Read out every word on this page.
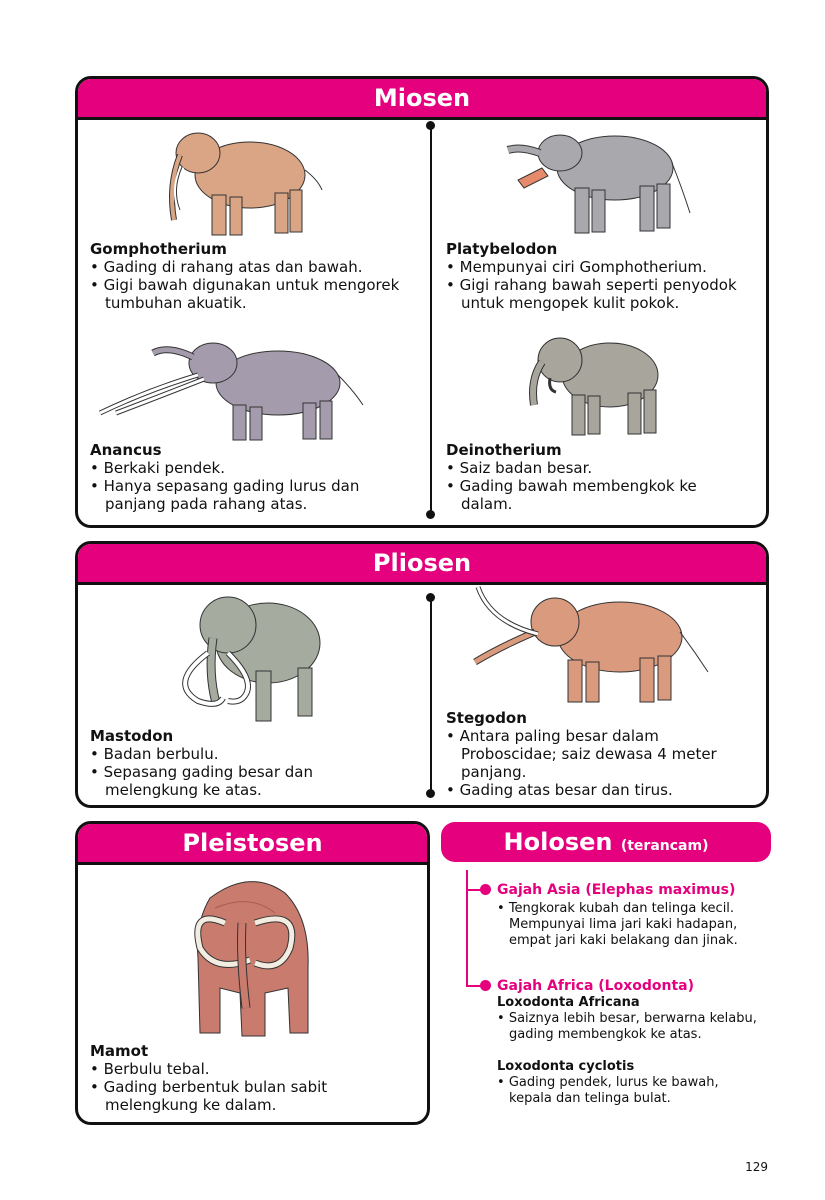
Miosen
Gomphotherium
• Gading di rahang atas dan bawah.
• Gigi bawah digunakan untuk mengorek tumbuhan akuatik.
Platybelodon
• Mempunyai ciri Gomphotherium.
• Gigi rahang bawah seperti penyodok untuk mengopek kulit pokok.
Anancus
• Berkaki pendek.
• Hanya sepasang gading lurus dan panjang pada rahang atas.
Deinotherium
• Saiz badan besar.
• Gading bawah membengkok ke dalam.
Pliosen
Mastodon
• Badan berbulu.
• Sepasang gading besar dan melengkung ke atas.
Stegodon
• Antara paling besar dalam Proboscidae; saiz dewasa 4 meter panjang.
• Gading atas besar dan tirus.
Pleistosen
Mamot
• Berbulu tebal.
• Gading berbentuk bulan sabit melengkung ke dalam.
Holosen (terancam)
Gajah Asia (Elephas maximus)
• Tengkorak kubah dan telinga kecil. Mempunyai lima jari kaki hadapan, empat jari kaki belakang dan jinak.
Gajah Africa (Loxodonta)
Loxodonta Africana
• Saiznya lebih besar, berwarna kelabu, gading membengkok ke atas.
Loxodonta cyclotis
• Gading pendek, lurus ke bawah, kepala dan telinga bulat.
129
